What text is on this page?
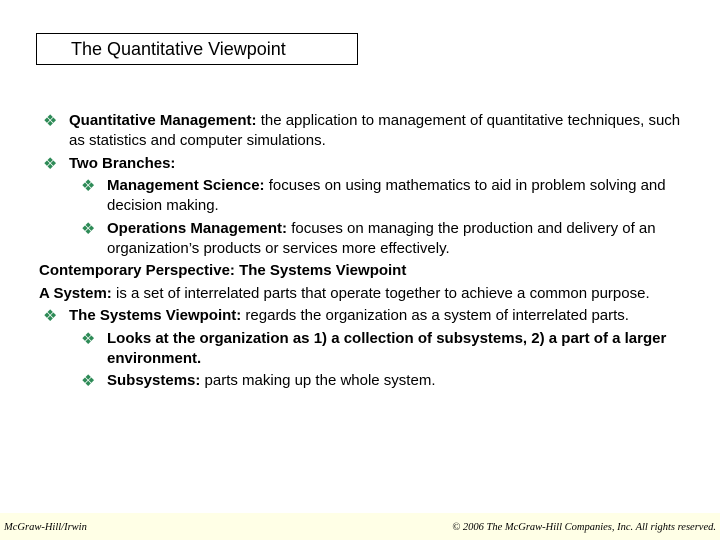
The Quantitative Viewpoint
❖ Quantitative Management: the application to management of quantitative techniques, such as statistics and computer simulations.
❖ Two Branches:
❖ Management Science: focuses on using mathematics to aid in problem solving and decision making.
❖ Operations Management: focuses on managing the production and delivery of an organization’s products or services more effectively.
Contemporary Perspective: The Systems Viewpoint
A System: is a set of interrelated parts that operate together to achieve a common purpose.
❖ The Systems Viewpoint: regards the organization as a system of interrelated parts.
❖ Looks at the organization as 1) a collection of subsystems, 2) a part of a larger environment.
❖ Subsystems: parts making up the whole system.
McGraw-Hill/Irwin	© 2006 The McGraw-Hill Companies, Inc. All rights reserved.
